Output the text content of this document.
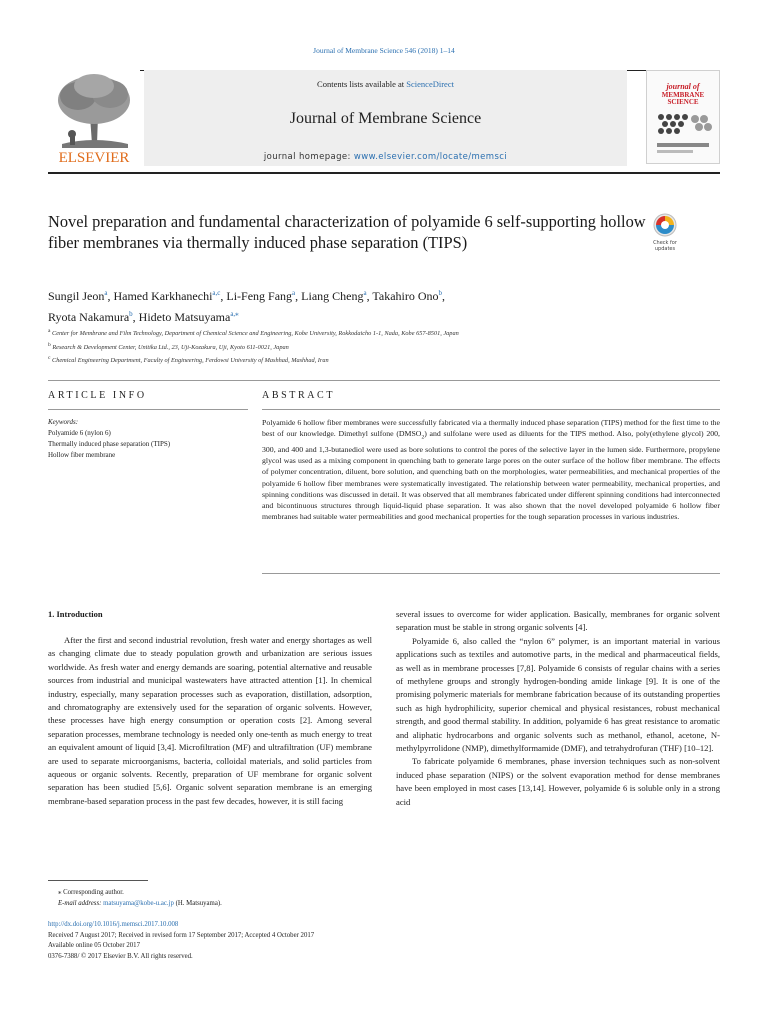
Journal of Membrane Science 546 (2018) 1–14
ELSEVIER
Contents lists available at ScienceDirect
Journal of Membrane Science
journal homepage: www.elsevier.com/locate/memsci
journal of
MEMBRANE
SCIENCE
Novel preparation and fundamental characterization of polyamide 6 self-supporting hollow fiber membranes via thermally induced phase separation (TIPS)	Check for
updates
Sungil Jeon$^a$, Hamed Karkhanechi$^{a,c}$, Li-Feng Fang$^a$, Liang Cheng$^a$, Takahiro Ono$^b$,
Ryota Nakamura$^b$, Hideto Matsuyama$^{a,⁎}$
$^a$ Center for Membrane and Film Technology, Department of Chemical Science and Engineering, Kobe University, Rokkodaicho 1-1, Nada, Kobe 657-8501, Japan
$^b$ Research & Development Center, Unitika Ltd., 23, Uji-Kozakura, Uji, Kyoto 611-0021, Japan
$^c$ Chemical Engineering Department, Faculty of Engineering, Ferdowsi University of Mashhad, Mashhad, Iran
ARTICLE INFO	ABSTRACT
Keywords:
Polyamide 6 (nylon 6)
Thermally induced phase separation (TIPS)
Hollow fiber membrane
Polyamide 6 hollow fiber membranes were successfully fabricated via a thermally induced phase separation (TIPS) method for the first time to the best of our knowledge. Dimethyl sulfone $(DMSO_2)$ and sulfolane were used as diluents for the TIPS method. Also, poly(ethylene glycol) 200, 300, and 400 and 1,3-butanediol were used as bore solutions to control the pores of the selective layer in the lumen side. Furthermore, propylene glycol was used as a mixing component in quenching bath to generate large pores on the outer surface of the hollow fiber membrane. The effects of polymer concentration, diluent, bore solution, and quenching bath on the morphologies, water permeabilities, and mechanical properties of the polyamide 6 hollow fiber membranes were systematically investigated. The relationship between water permeability, mechanical properties, and spinning conditions was discussed in detail. It was observed that all membranes fabricated under different spinning conditions had interconnected and bicontinuous structures through liquid-liquid phase separation. It was also shown that the novel developed polyamide 6 hollow fiber membranes had suitable water permeabilities and good mechanical properties for the tough separation processes in various industries.
1. Introduction

After the first and second industrial revolution, fresh water and energy shortages as well as changing climate due to steady population growth and urbanization are serious issues worldwide. As fresh water and energy demands are soaring, potential alternative and reusable sources from industrial and municipal wastewaters have attracted attention [1]. In chemical industry, especially, many separation processes such as evaporation, distillation, adsorption, and chromatography are extensively used for the separation of organic solvents. However, these processes have high energy consumption or operation costs [2]. Among several separation processes, membrane technology is needed only one-tenth as much energy to treat an equivalent amount of liquid [3,4]. Microfiltration (MF) and ultrafiltration (UF) membrane are used to separate microorganisms, bacteria, colloidal materials, and solid particles from aqueous or organic solvents. Recently, preparation of UF membrane for organic solvent separation has been studied [5,6]. Organic solvent separation membrane is an emerging membrane-based separation process in the past few decades, however, it is still facing

several issues to overcome for wider application. Basically, membranes for organic solvent separation must be stable in strong organic solvents [4].

Polyamide 6, also called the “nylon 6” polymer, is an important material in various applications such as textiles and automotive parts, in the medical and pharmaceutical fields, as well as in membrane processes [7,8]. Polyamide 6 consists of regular chains with a series of methylene groups and strongly hydrogen-bonding amide linkage [9]. It is one of the promising polymeric materials for membrane fabrication because of its outstanding properties such as high hydrophilicity, superior chemical and physical resistances, robust mechanical strength, and good thermal stability. In addition, polyamide 6 has great resistance to aromatic and aliphatic hydrocarbons and organic solvents such as methanol, ethanol, acetone, N-methylpyrrolidone (NMP), dimethylformamide (DMF), and tetrahydrofuran (THF) [10–12].

To fabricate polyamide 6 membranes, phase inversion techniques such as non-solvent induced phase separation (NIPS) or the solvent evaporation method for dense membranes have been employed in most cases [13,14]. However, polyamide 6 is soluble only in a strong acid

⁎ Corresponding author.
E-mail address: matsuyama@kobe-u.ac.jp (H. Matsuyama).
http://dx.doi.org/10.1016/j.memsci.2017.10.008
Received 7 August 2017; Received in revised form 17 September 2017; Accepted 4 October 2017
Available online 05 October 2017
0376-7388/ © 2017 Elsevier B.V. All rights reserved.
